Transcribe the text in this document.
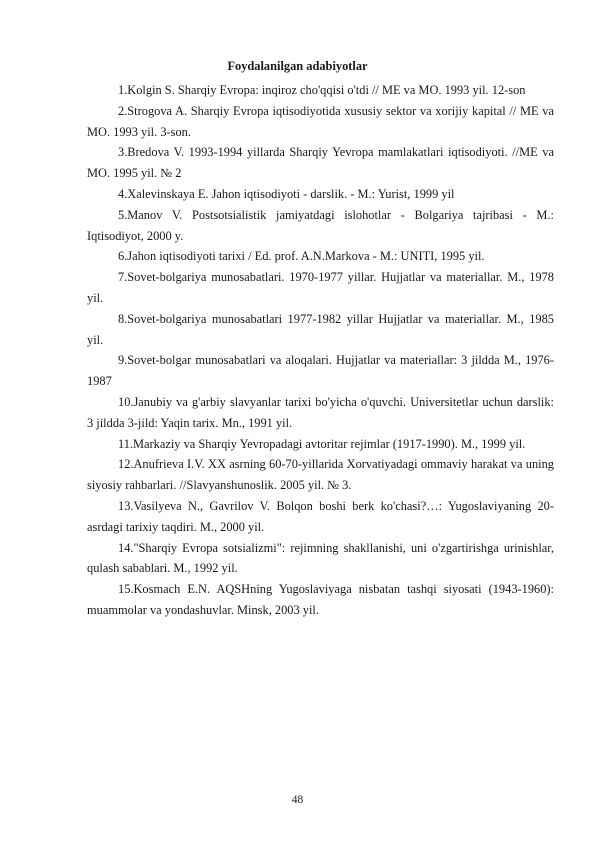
Foydalanilgan adabiyotlar

1.Kolgin S. Sharqiy Evropa: inqiroz cho'qqisi o'tdi // ME va MO. 1993 yil. 12-son

2.Strogova A. Sharqiy Evropa iqtisodiyotida xususiy sektor va xorijiy kapital // ME va MO. 1993 yil. 3-son.

3.Bredova V. 1993-1994 yillarda Sharqiy Yevropa mamlakatlari iqtisodiyoti. //ME va MO. 1995 yil. № 2

4.Xalevinskaya E. Jahon iqtisodiyoti - darslik. - M.: Yurist, 1999 yil

5.Manov V. Postsotsialistik jamiyatdagi islohotlar - Bolgariya tajribasi - M.: Iqtisodiyot, 2000 y.

6.Jahon iqtisodiyoti tarixi / Ed. prof. A.N.Markova - M.: UNITI, 1995 yil.

7.Sovet-bolgariya munosabatlari. 1970-1977 yillar. Hujjatlar va materiallar. M., 1978 yil.

8.Sovet-bolgariya munosabatlari 1977-1982 yillar Hujjatlar va materiallar. M., 1985 yil.

9.Sovet-bolgar munosabatlari va aloqalari. Hujjatlar va materiallar: 3 jildda M., 1976-1987

10.Janubiy va g'arbiy slavyanlar tarixi bo'yicha o'quvchi. Universitetlar uchun darslik: 3 jildda 3-jild: Yaqin tarix. Mn., 1991 yil.

11.Markaziy va Sharqiy Yevropadagi avtoritar rejimlar (1917-1990). M., 1999 yil.

12.Anufrieva I.V. XX asrning 60-70-yillarida Xorvatiyadagi ommaviy harakat va uning siyosiy rahbarlari. //Slavyanshunoslik. 2005 yil. № 3.

13.Vasilyeva N., Gavrilov V. Bolqon boshi berk ko'chasi?…: Yugoslaviyaning 20-asrdagi tarixiy taqdiri. M., 2000 yil.

14."Sharqiy Evropa sotsializmi": rejimning shakllanishi, uni o'zgartirishga urinishlar, qulash sabablari. M., 1992 yil.

15.Kosmach E.N. AQSHning Yugoslaviyaga nisbatan tashqi siyosati (1943-1960): muammolar va yondashuvlar. Minsk, 2003 yil.

48
